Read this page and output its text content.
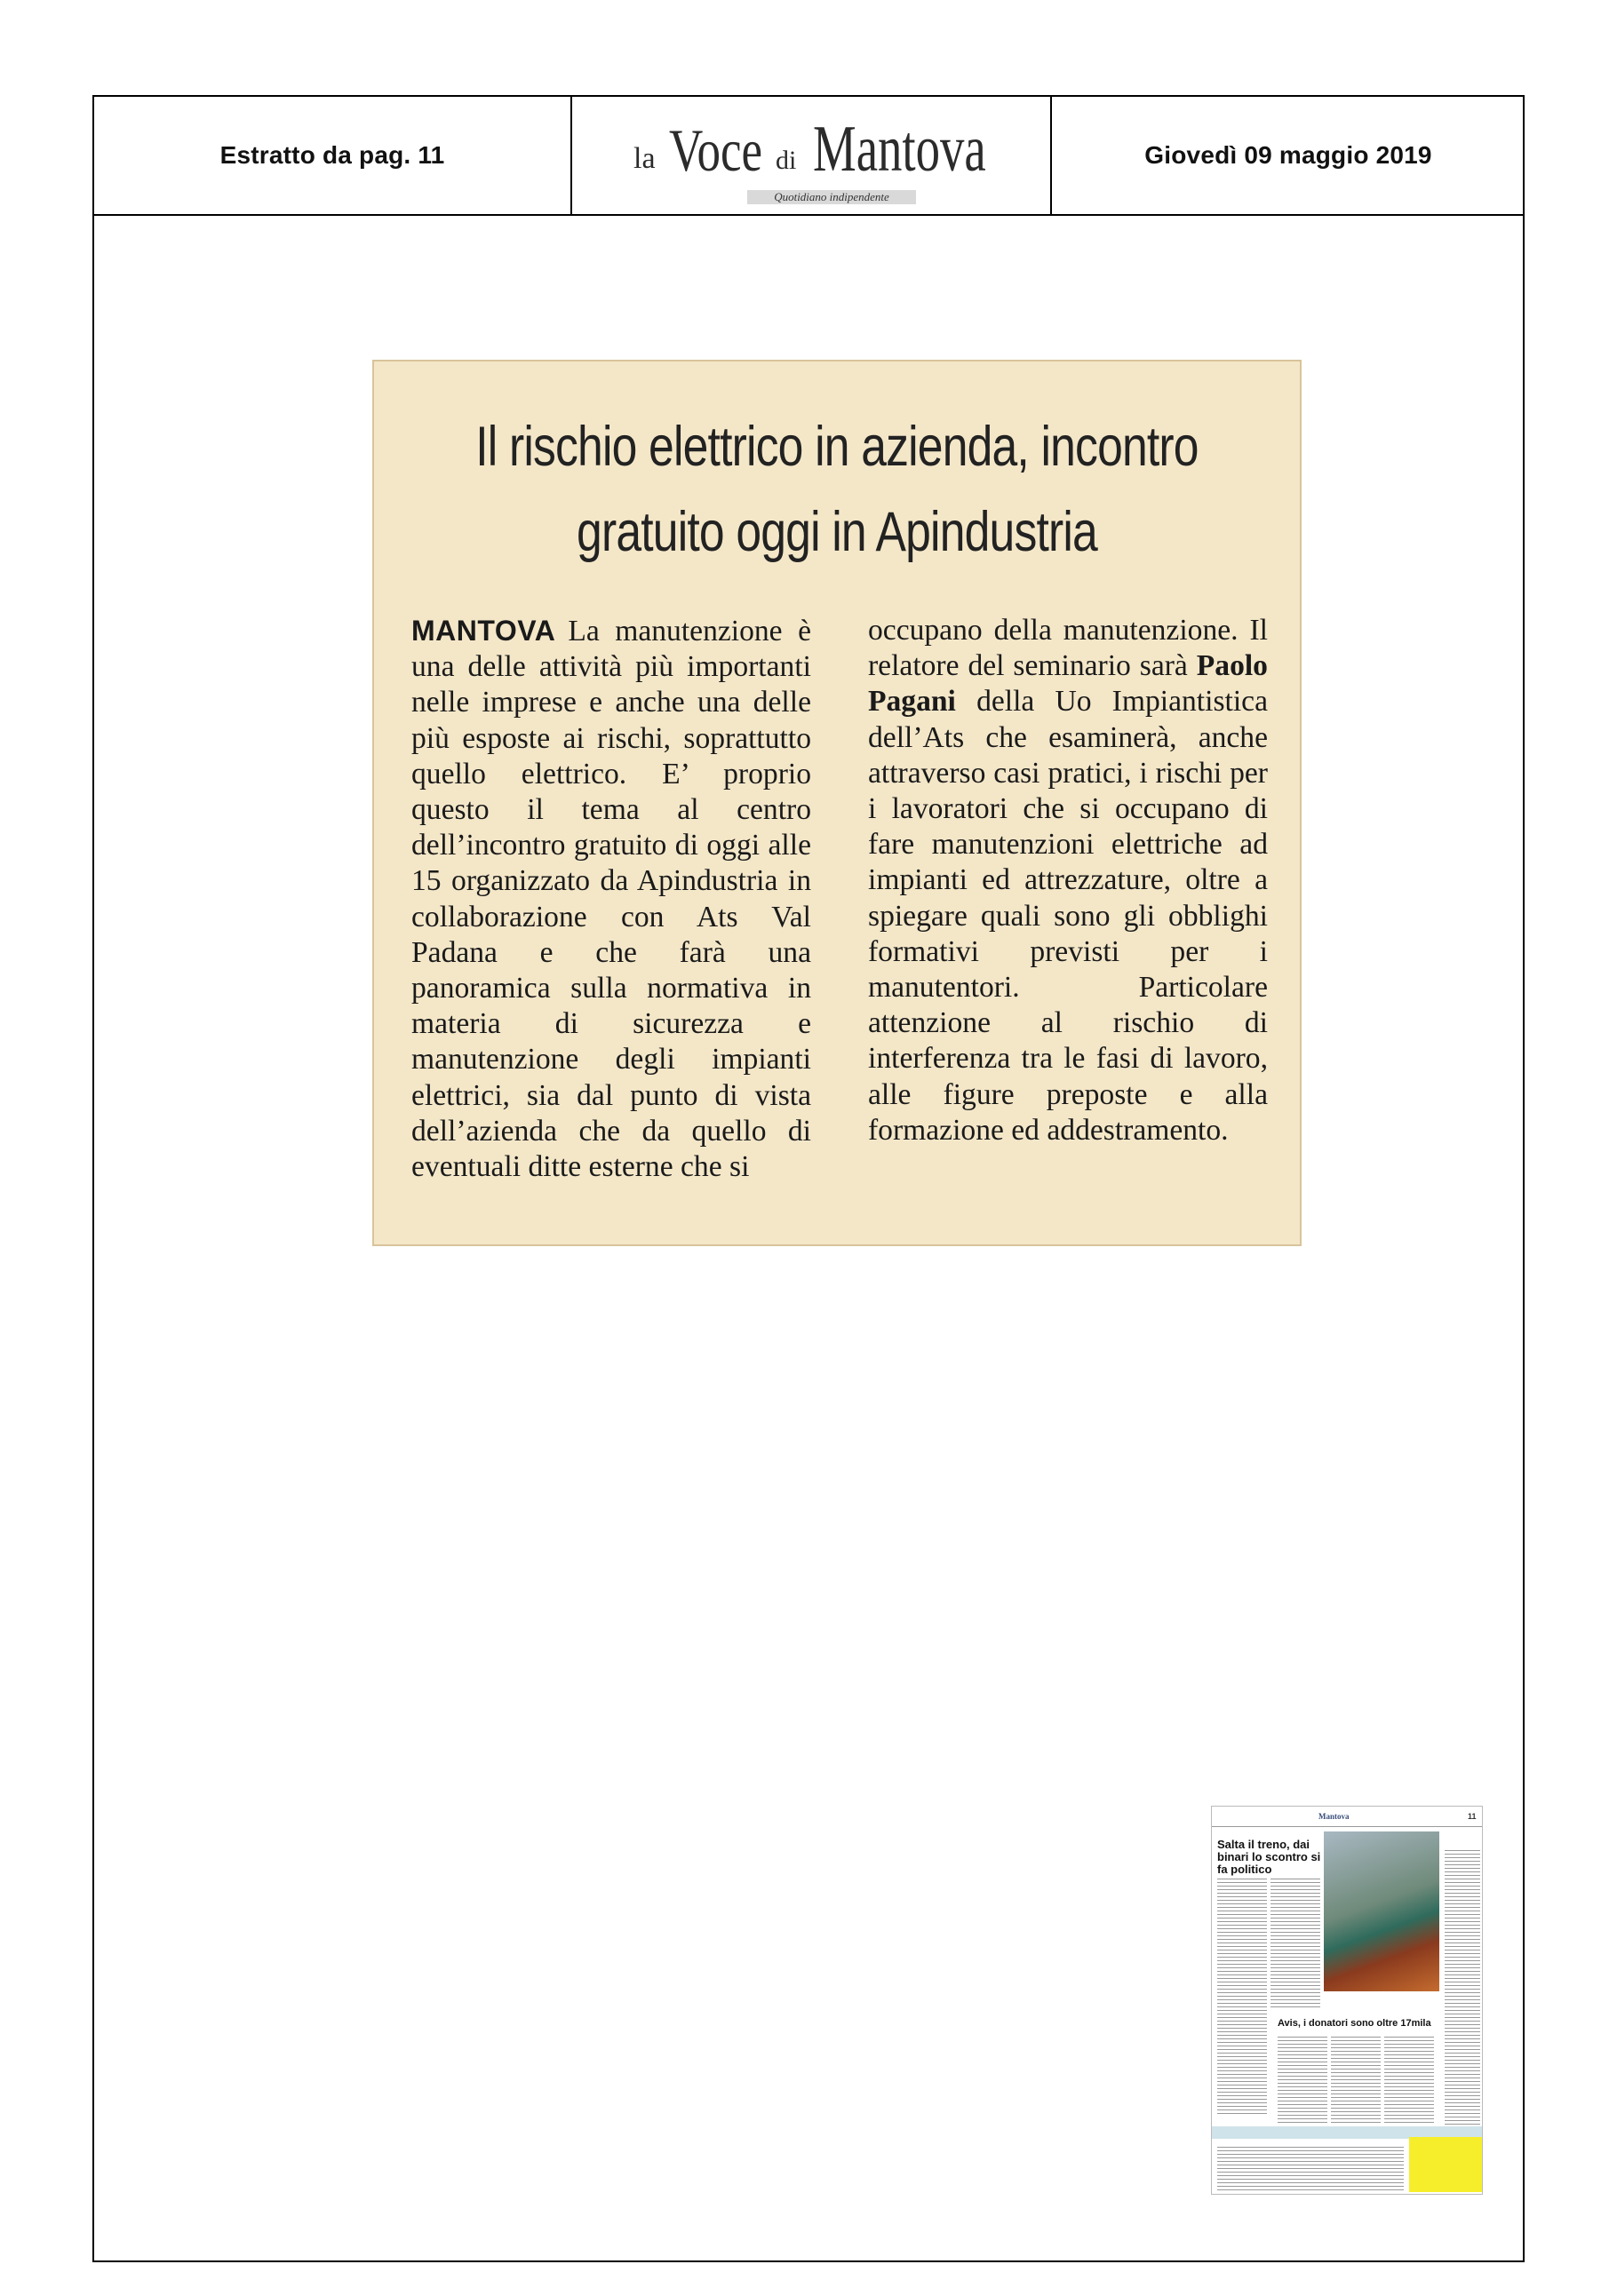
Estratto da pag. 11	la Voce di Mantova
Quotidiano indipendente
Giovedì 09 maggio 2019
Il rischio elettrico in azienda, incontro
gratuito oggi in Apindustria

MANTOVA La manutenzione è una delle attività più importanti nelle imprese e anche una delle più esposte ai rischi, soprattutto quello elettrico. E’ proprio questo il tema al centro dell’incontro gratuito di oggi alle 15 organizzato da Apindustria in collaborazione con Ats Val Padana e che farà una panoramica sulla normativa in materia di sicurezza e manutenzione degli impianti elettrici, sia dal punto di vista dell’azienda che da quello di eventuali ditte esterne che si

occupano della manutenzione. Il relatore del seminario sarà Paolo Pagani della Uo Impiantistica dell’Ats che esaminerà, anche attraverso casi pratici, i rischi per i lavoratori che si occupano di fare manutenzioni elettriche ad impianti ed attrezzature, oltre a spiegare quali sono gli obblighi formativi previsti per i manutentori. Particolare attenzione al rischio di interferenza tra le fasi di lavoro, alle figure preposte e alla formazione ed addestramento.

Mantova	11
Salta il treno, dai binari lo scontro si fa politico
Avis, i donatori sono oltre 17mila
